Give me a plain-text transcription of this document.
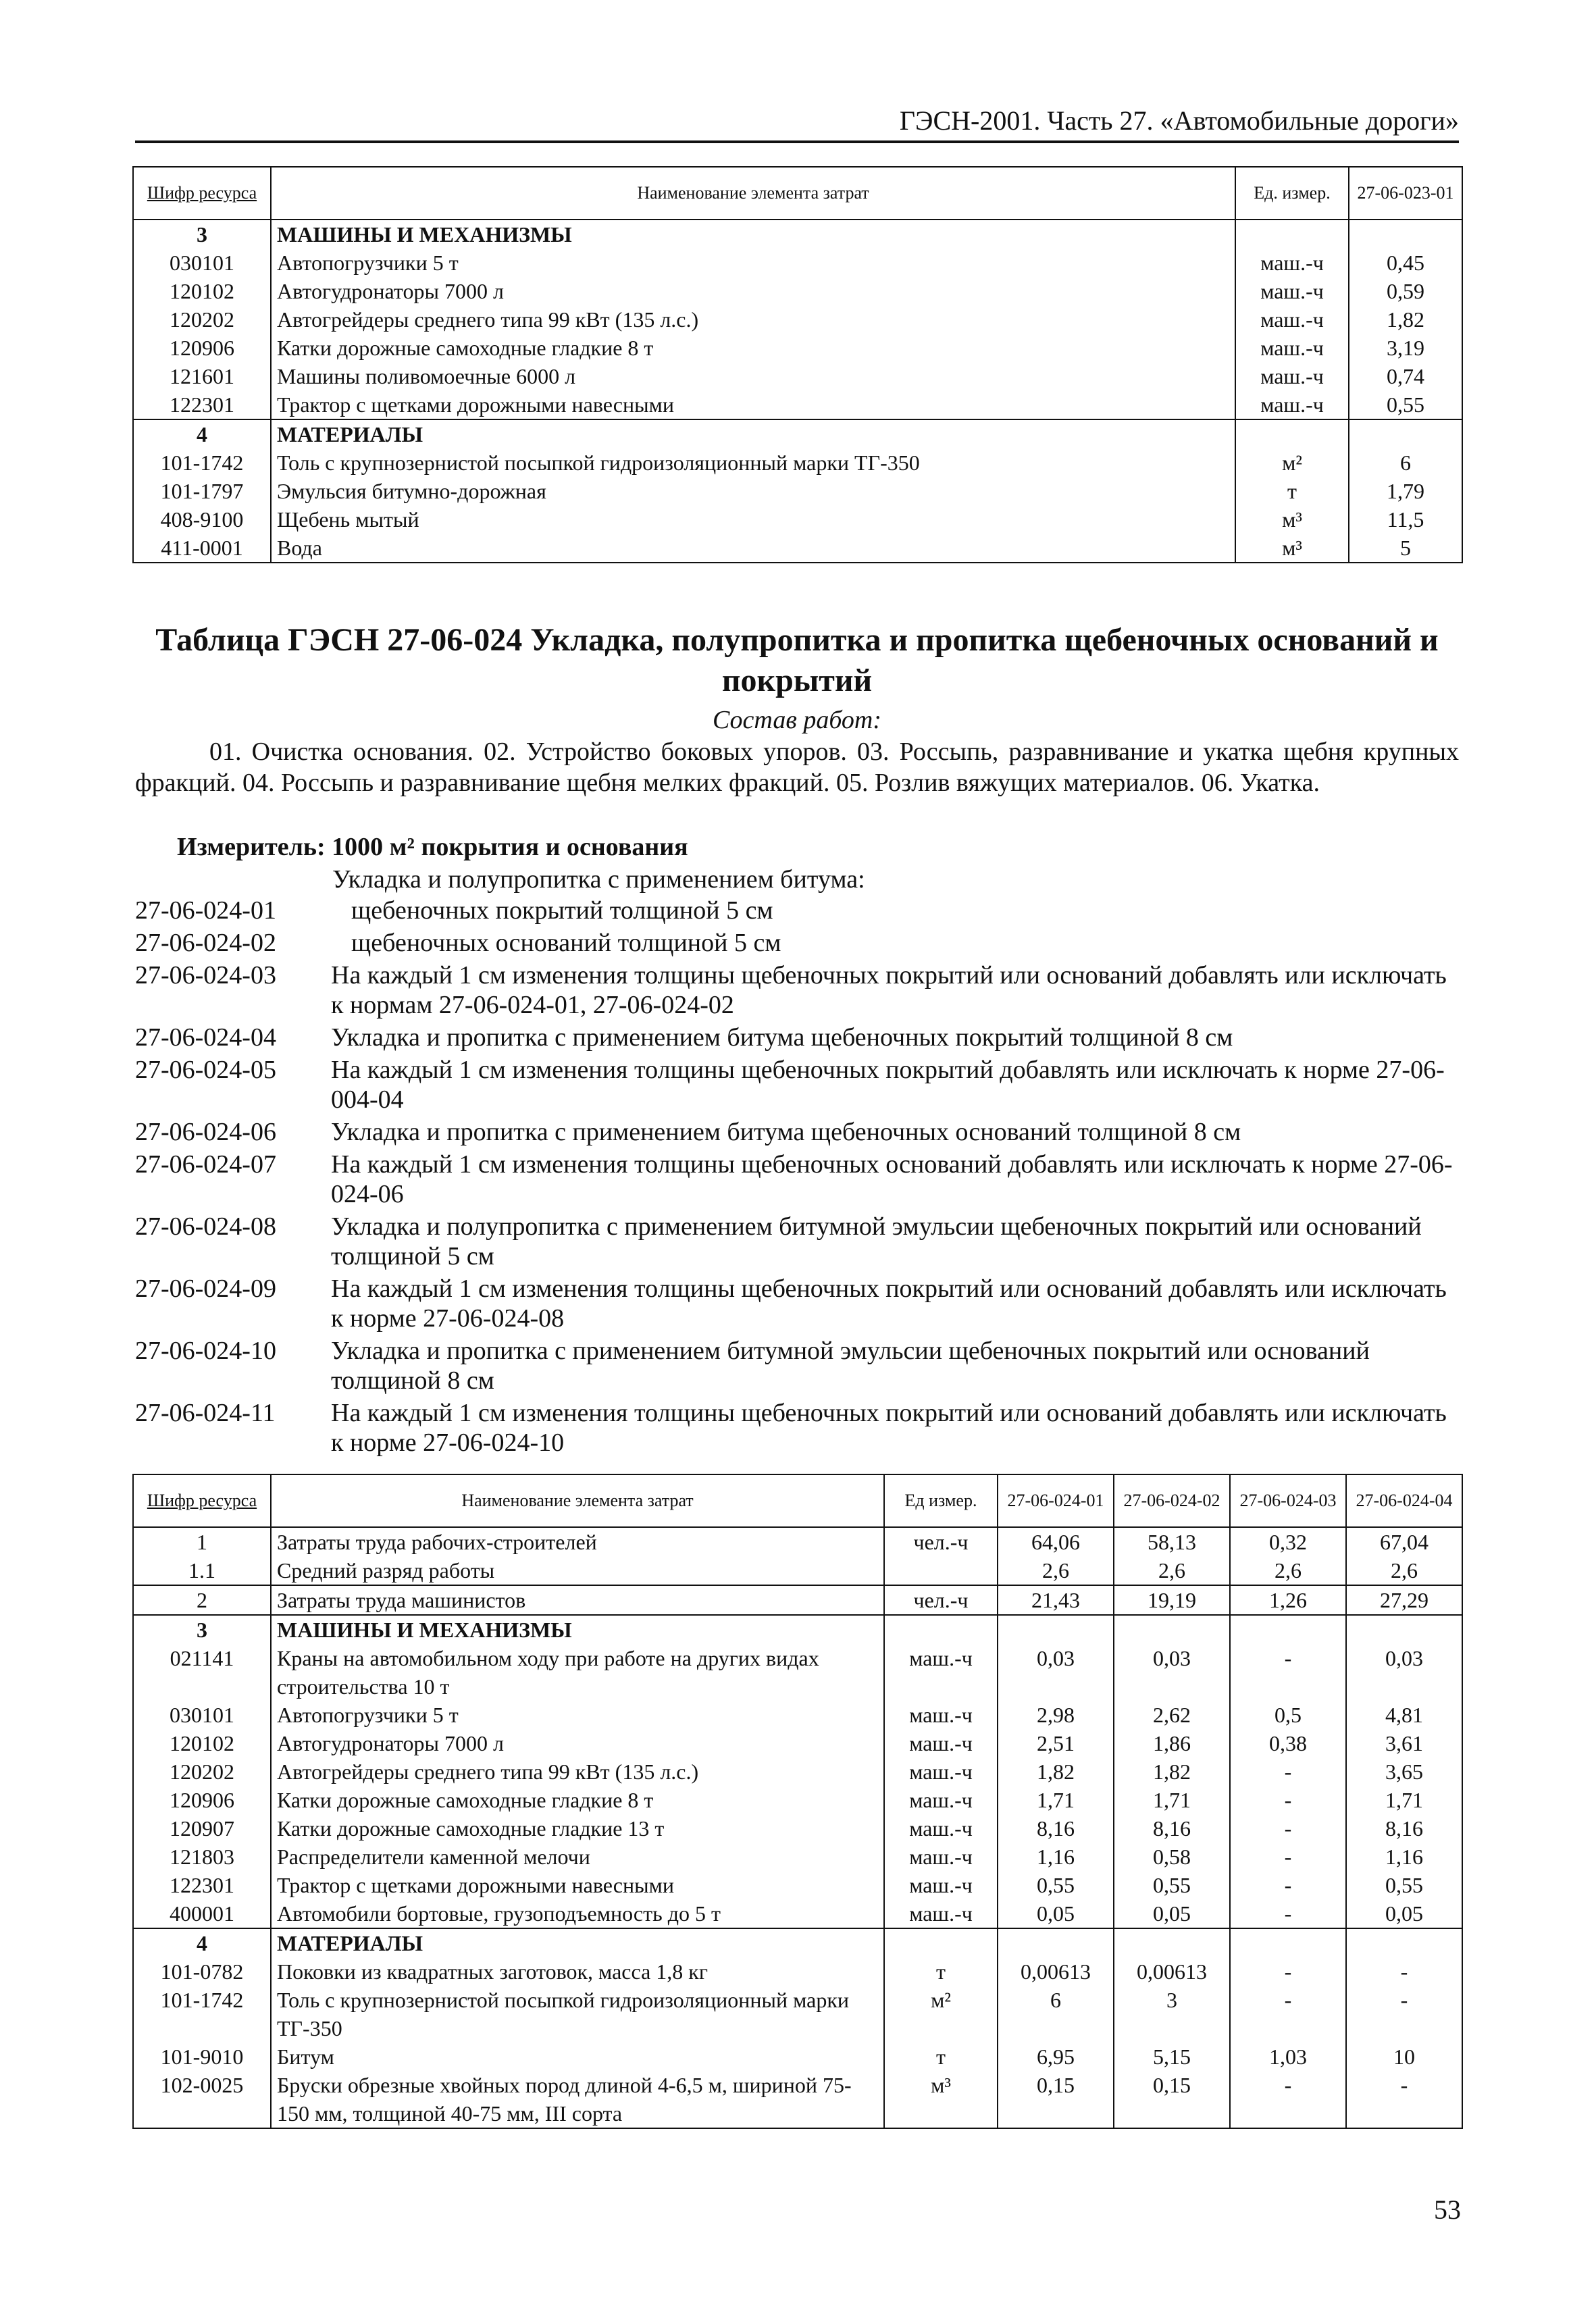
ГЭСН-2001. Часть 27. «Автомобильные дороги»
Шифр ресурса	Наименование элемента затрат	Ед. измер.	27-06-023-01
3	МАШИНЫ И МЕХАНИЗМЫ		
030101	Автопогрузчики 5 т	маш.-ч	0,45
120102	Автогудронаторы 7000 л	маш.-ч	0,59
120202	Автогрейдеры среднего типа 99 кВт (135 л.с.)	маш.-ч	1,82
120906	Катки дорожные самоходные гладкие 8 т	маш.-ч	3,19
121601	Машины поливомоечные 6000 л	маш.-ч	0,74
122301	Трактор с щетками дорожными навесными	маш.-ч	0,55
4	МАТЕРИАЛЫ		
101-1742	Толь с крупнозернистой посыпкой гидроизоляционный марки ТГ-350	м²	6
101-1797	Эмульсия битумно-дорожная	т	1,79
408-9100	Щебень мытый	м³	11,5
411-0001	Вода	м³	5
Таблица ГЭСН 27-06-024 Укладка, полупропитка и пропитка щебеночных оснований и покрытий
Состав работ:
01. Очистка основания. 02. Устройство боковых упоров. 03. Россыпь, разравнивание и укатка щебня крупных фракций. 04. Россыпь и разравнивание щебня мелких фракций. 05. Розлив вяжущих материалов. 06. Укатка.
Измеритель: 1000 м² покрытия и основания
Укладка и полупропитка с применением битума:
27-06-024-01	щебеночных покрытий толщиной 5 см
27-06-024-02	щебеночных оснований толщиной 5 см
27-06-024-03	На каждый 1 см изменения толщины щебеночных покрытий или оснований добавлять или исключать к нормам 27-06-024-01, 27-06-024-02
27-06-024-04	Укладка и пропитка с применением битума щебеночных покрытий толщиной 8 см
27-06-024-05	На каждый 1 см изменения толщины щебеночных покрытий добавлять или исключать к норме 27-06-004-04
27-06-024-06	Укладка и пропитка с применением битума щебеночных оснований толщиной 8 см
27-06-024-07	На каждый 1 см изменения толщины щебеночных оснований добавлять или исключать к норме 27-06-024-06
27-06-024-08	Укладка и полупропитка с применением битумной эмульсии щебеночных покрытий или оснований толщиной 5 см
27-06-024-09	На каждый 1 см изменения толщины щебеночных покрытий или оснований добавлять или исключать к норме 27-06-024-08
27-06-024-10	Укладка и пропитка с применением битумной эмульсии щебеночных покрытий или оснований толщиной 8 см
27-06-024-11	На каждый 1 см изменения толщины щебеночных покрытий или оснований добавлять или исключать к норме 27-06-024-10
Шифр ресурса	Наименование элемента затрат	Ед измер.	27-06-024-01	27-06-024-02	27-06-024-03	27-06-024-04
1	Затраты труда рабочих-строителей	чел.-ч	64,06	58,13	0,32	67,04
1.1	Средний разряд работы		2,6	2,6	2,6	2,6
2	Затраты труда машинистов	чел.-ч	21,43	19,19	1,26	27,29
3	МАШИНЫ И МЕХАНИЗМЫ					
021141	Краны на автомобильном ходу при работе на других видах строительства 10 т	маш.-ч	0,03	0,03	-	0,03
030101	Автопогрузчики 5 т	маш.-ч	2,98	2,62	0,5	4,81
120102	Автогудронаторы 7000 л	маш.-ч	2,51	1,86	0,38	3,61
120202	Автогрейдеры среднего типа 99 кВт (135 л.с.)	маш.-ч	1,82	1,82	-	3,65
120906	Катки дорожные самоходные гладкие 8 т	маш.-ч	1,71	1,71	-	1,71
120907	Катки дорожные самоходные гладкие 13 т	маш.-ч	8,16	8,16	-	8,16
121803	Распределители каменной мелочи	маш.-ч	1,16	0,58	-	1,16
122301	Трактор с щетками дорожными навесными	маш.-ч	0,55	0,55	-	0,55
400001	Автомобили бортовые, грузоподъемность до 5 т	маш.-ч	0,05	0,05	-	0,05
4	МАТЕРИАЛЫ					
101-0782	Поковки из квадратных заготовок, масса 1,8 кг	т	0,00613	0,00613	-	-
101-1742	Толь с крупнозернистой посыпкой гидроизоляционный марки ТГ-350	м²	6	3	-	-
101-9010	Битум	т	6,95	5,15	1,03	10
102-0025	Бруски обрезные хвойных пород длиной 4-6,5 м, шириной 75-150 мм, толщиной 40-75 мм, III сорта	м³	0,15	0,15	-	-
53
